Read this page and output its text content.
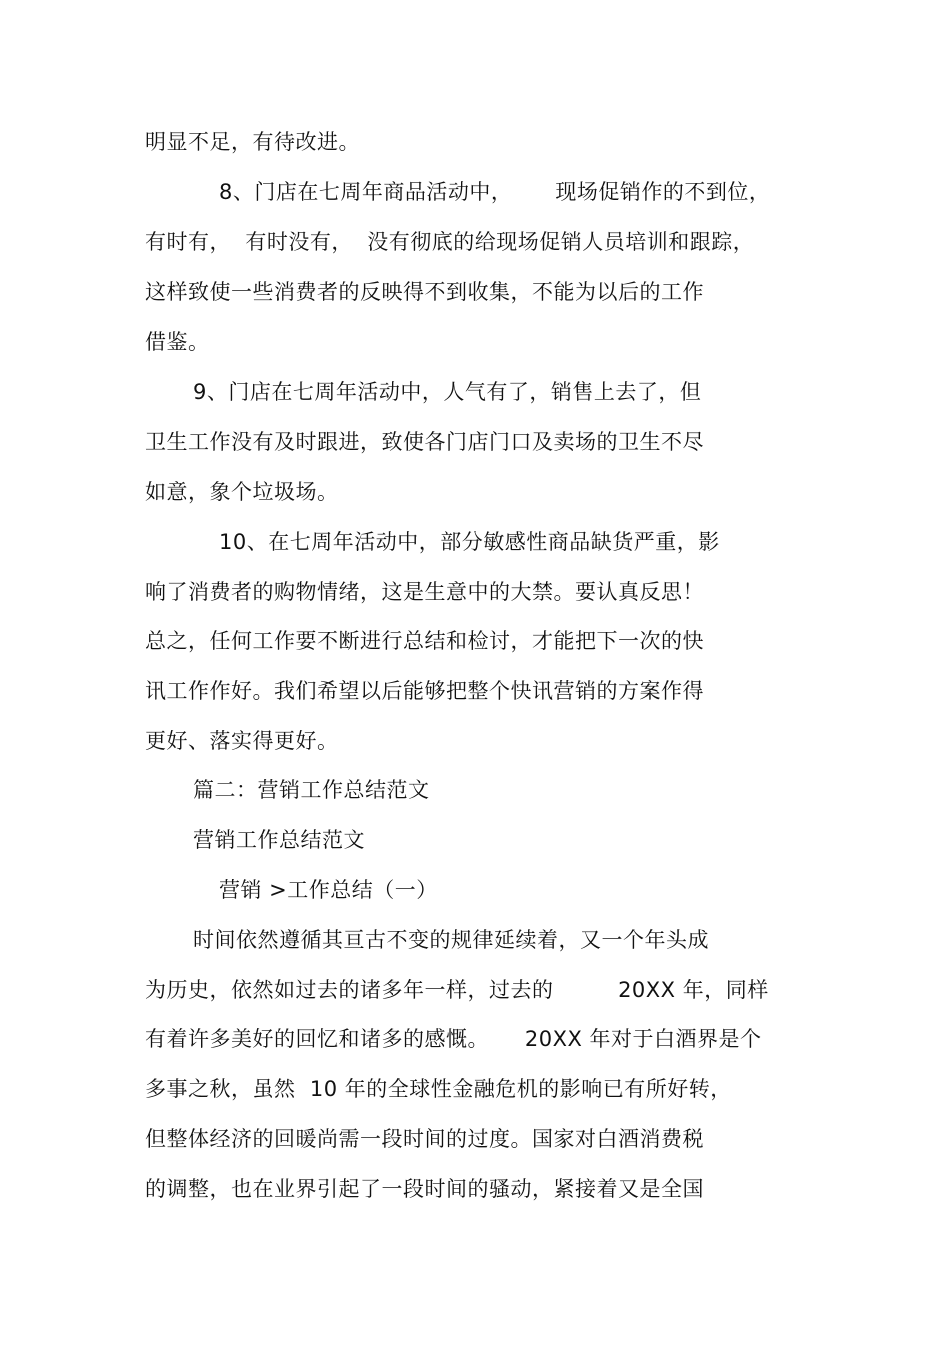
明显不足，有待改进。
8、门店在七周年商品活动中，      现场促销作的不到位，
有时有，  有时没有，  没有彻底的给现场促销人员培训和跟踪，
这样致使一些消费者的反映得不到收集，不能为以后的工作
借鉴。
9、门店在七周年活动中，人气有了，销售上去了，但
卫生工作没有及时跟进，致使各门店门口及卖场的卫生不尽
如意，象个垃圾场。
10、在七周年活动中，部分敏感性商品缺货严重，影
响了消费者的购物情绪，这是生意中的大禁。要认真反思！
总之，任何工作要不断进行总结和检讨，才能把下一次的快
讯工作作好。我们希望以后能够把整个快讯营销的方案作得
更好、落实得更好。
篇二：营销工作总结范文
营销工作总结范文
营销 >工作总结（一）
时间依然遵循其亘古不变的规律延续着，又一个年头成
为历史，依然如过去的诸多年一样，过去的         20XX 年，同样
有着许多美好的回忆和诸多的感慨。     20XX 年对于白酒界是个
多事之秋，虽然  10 年的全球性金融危机的影响已有所好转，
但整体经济的回暖尚需一段时间的过度。国家对白酒消费税
的调整，也在业界引起了一段时间的骚动，紧接着又是全国
